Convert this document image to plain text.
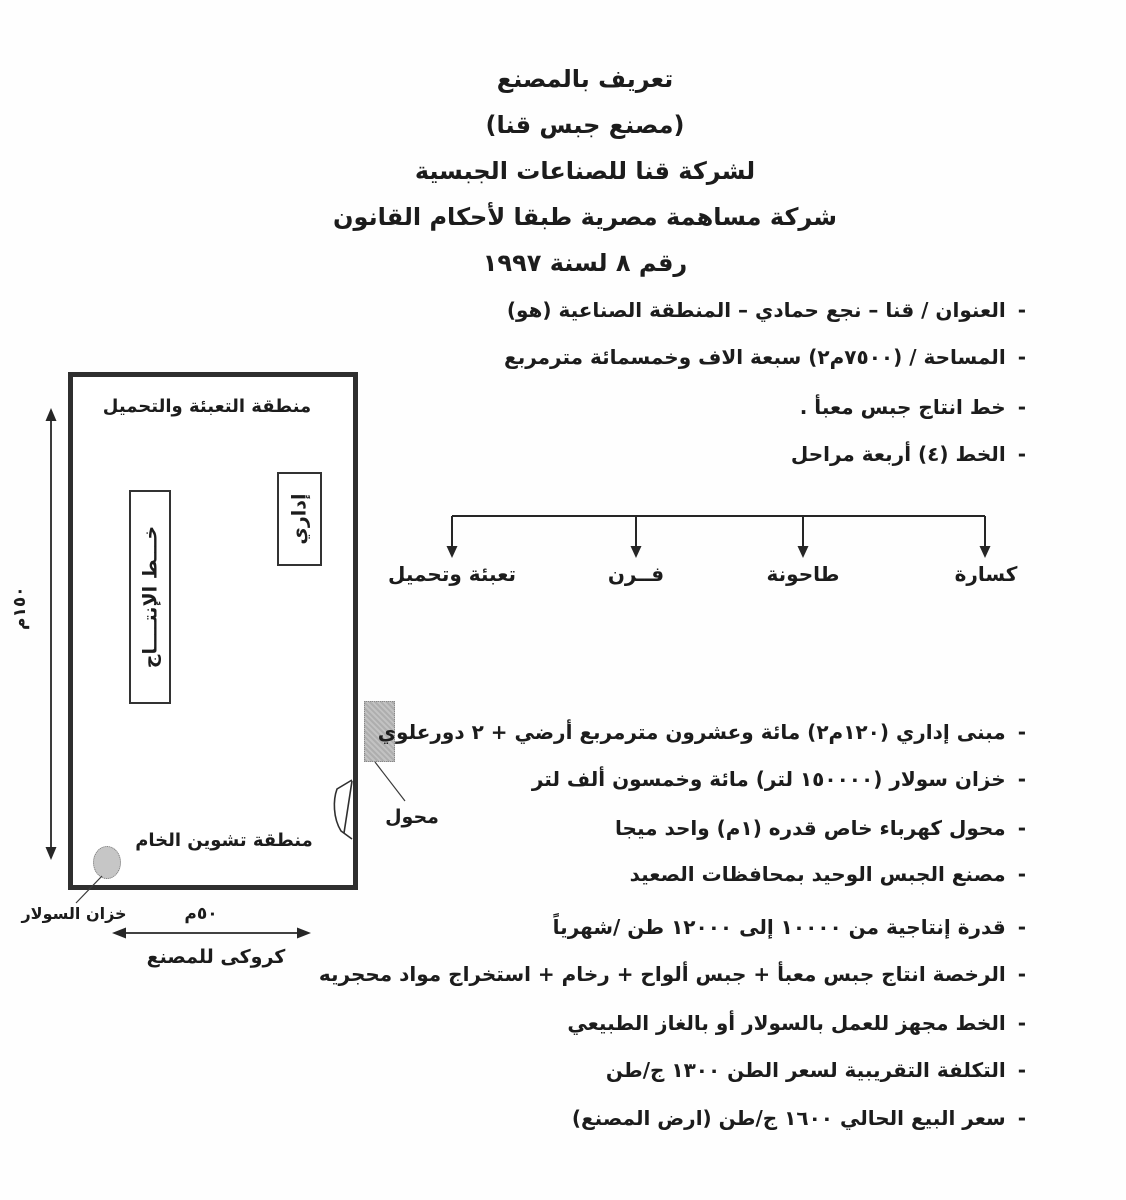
تعريف بالمصنع
(مصنع جبس قنا)
لشركة قنا للصناعات الجبسية
شركة مساهمة مصرية طبقا لأحكام القانون
رقم ٨ لسنة ١٩٩٧
-
العنوان / قنا – نجع حمادي – المنطقة الصناعية (هو)
-
المساحة / (٧٥٠٠م٢) سبعة الاف وخمسمائة مترمربع
-
خط انتاج جبس معبأ .
-
الخط (٤) أربعة مراحل
كسارة
طاحونة
فــرن
تعبئة وتحميل
منطقة التعبئة والتحميل
إداري
خـــط الإنتــــاج
منطقة تشوين الخام
خزان السولار
محول
١٥٠م
٥٠م
كروكى للمصنع
-
مبنى إداري (١٢٠م٢) مائة وعشرون مترمربع أرضي + ٢ دورعلوي
-
خزان سولار (١٥٠٠٠٠ لتر) مائة وخمسون ألف لتر
-
محول كهرباء خاص قدره (١م) واحد ميجا
-
مصنع الجبس الوحيد بمحافظات الصعيد
-
قدرة إنتاجية من ١٠٠٠٠ إلى ١٢٠٠٠ طن /شهرياً
-
الرخصة انتاج جبس معبأ + جبس ألواح + رخام + استخراج مواد محجريه
-
الخط مجهز للعمل بالسولار أو بالغاز الطبيعي
-
التكلفة التقريبية لسعر الطن ١٣٠٠ ج/طن
-
سعر البيع الحالي ١٦٠٠ ج/طن (ارض المصنع)
